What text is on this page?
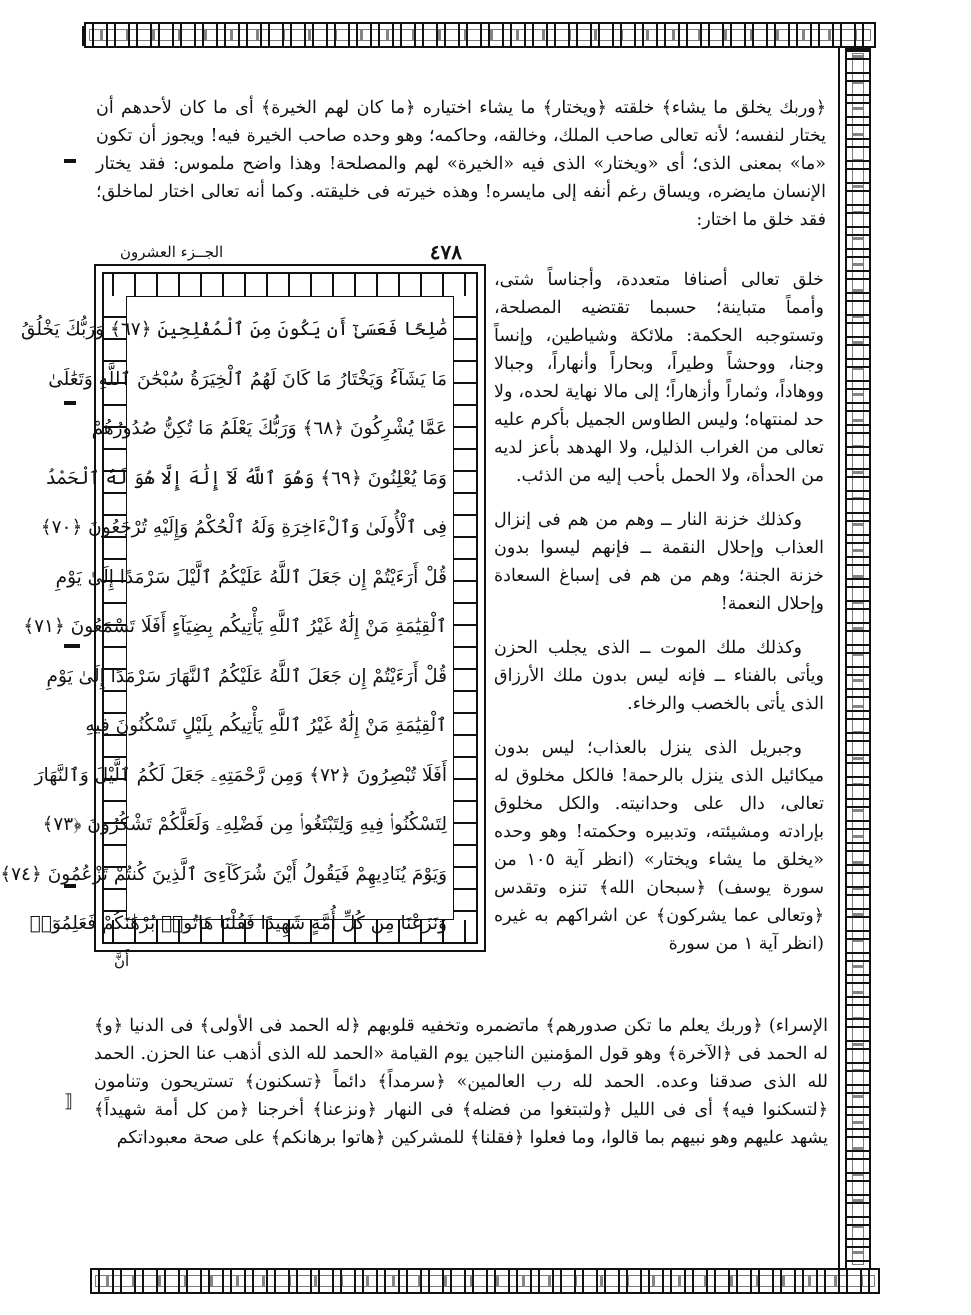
⟦
﴿وربك يخلق ما يشاء﴾ خلقته ﴿ويختار﴾ ما يشاء اختياره ﴿ما كان لهم الخيرة﴾ أى ما كان لأحدهم أن يختار لنفسه؛ لأنه تعالى صاحب الملك، وخالقه، وحاكمه؛ وهو وحده صاحب الخيرة فيه! ويجوز أن تكون «ما» بمعنى الذى؛ أى «ويختار» الذى فيه «الخيرة» لهم والمصلحة! وهذا واضح ملموس: فقد يختار الإنسان مايضره، ويساق رغم أنفه إلى مايسره! وهذه خيرته فى خليقته. وكما أنه تعالى اختار لماخلق؛ فقد خلق ما اختار:
٤٧٨
الجــزء العشرون
صَٰلِحًا فَعَسَىٰٓ أَن يَكُونَ مِنَ ٱلْمُفْلِحِينَ ﴿٦٧﴾ وَرَبُّكَ يَخْلُقُ
مَا يَشَآءُ وَيَخْتَارُ مَا كَانَ لَهُمُ ٱلْخِيَرَةُ سُبْحَٰنَ ٱللَّهِ وَتَعَٰلَىٰ
عَمَّا يُشْرِكُونَ ﴿٦٨﴾ وَرَبُّكَ يَعْلَمُ مَا تُكِنُّ صُدُورُهُمْ
وَمَا يُعْلِنُونَ ﴿٦٩﴾ وَهُوَ ٱللَّهُ لَآ إِلَٰهَ إِلَّا هُوَ لَهُ ٱلْحَمْدُ
فِى ٱلْأُولَىٰ وَٱلْءَاخِرَةِ وَلَهُ ٱلْحُكْمُ وَإِلَيْهِ تُرْجَعُونَ ﴿٧٠﴾
قُلْ أَرَءَيْتُمْ إِن جَعَلَ ٱللَّهُ عَلَيْكُمُ ٱلَّيْلَ سَرْمَدًا إِلَىٰ يَوْمِ
ٱلْقِيَٰمَةِ مَنْ إِلَٰهٌ غَيْرُ ٱللَّهِ يَأْتِيكُم بِضِيَآءٍ أَفَلَا تَسْمَعُونَ ﴿٧١﴾
قُلْ أَرَءَيْتُمْ إِن جَعَلَ ٱللَّهُ عَلَيْكُمُ ٱلنَّهَارَ سَرْمَدًا إِلَىٰ يَوْمِ
ٱلْقِيَٰمَةِ مَنْ إِلَٰهٌ غَيْرُ ٱللَّهِ يَأْتِيكُم بِلَيْلٍ تَسْكُنُونَ فِيهِ
أَفَلَا تُبْصِرُونَ ﴿٧٢﴾ وَمِن رَّحْمَتِهِۦ جَعَلَ لَكُمُ ٱلَّيْلَ وَٱلنَّهَارَ
لِتَسْكُنُوا۟ فِيهِ وَلِتَبْتَغُوا۟ مِن فَضْلِهِۦ وَلَعَلَّكُمْ تَشْكُرُونَ ﴿٧٣﴾
وَيَوْمَ يُنَادِيهِمْ فَيَقُولُ أَيْنَ شُرَكَآءِىَ ٱلَّذِينَ كُنتُمْ تَزْعُمُونَ ﴿٧٤﴾
وَنَزَعْنَا مِن كُلِّ أُمَّةٍ شَهِيدًا فَقُلْنَا هَاتُوا۟ بُرْهَٰنَكُمْ فَعَلِمُوٓا۟
أَنَّ

خلق تعالى أصنافا متعددة، وأجناساً شتى، وأمماً متباينة؛ حسبما تقتضيه المصلحة، وتستوجبه الحكمة: ملائكة وشياطين، وإنساً وجنا، ووحشاً وطيراً، وبحاراً وأنهاراً، وجبالا ووهاداً، وثماراً وأزهاراً؛ إلى مالا نهاية لحده، ولا حد لمنتهاه؛ وليس الطاوس الجميل بأكرم عليه تعالى من الغراب الذليل، ولا الهدهد بأعز لديه من الحدأة، ولا الحمل بأحب إليه من الذئب.

وكذلك خزنة النار ــ وهم من هم فى إنزال العذاب وإحلال النقمة ــ فإنهم ليسوا بدون خزنة الجنة؛ وهم من هم فى إسباغ السعادة وإحلال النعمة!

وكذلك ملك الموت ــ الذى يجلب الحزن ويأتى بالفناء ــ فإنه ليس بدون ملك الأرزاق الذى يأتى بالخصب والرخاء.

وجبريل الذى ينزل بالعذاب؛ ليس بدون ميكائيل الذى ينزل بالرحمة! فالكل مخلوق له تعالى، دال على وحدانيته. والكل مخلوق بإرادته ومشيئته، وتدبيره وحكمته! وهو وحده «يخلق ما يشاء ويختار» (انظر آية ١٠٥ من سورة يوسف) ﴿سبحان الله﴾ تنزه وتقدس ﴿وتعالى عما يشركون﴾ عن اشراكهم به غيره (انظر آية ١ من سورة

الإسراء) ﴿وربك يعلم ما تكن صدورهم﴾ ماتضمره وتخفيه قلوبهم ﴿له الحمد فى الأولى﴾ فى الدنيا ﴿و﴾ له الحمد فى ﴿الآخرة﴾ وهو قول المؤمنين الناجين يوم القيامة «الحمد لله الذى أذهب عنا الحزن. الحمد لله الذى صدقنا وعده. الحمد لله رب العالمين» ﴿سرمداً﴾ دائماً ﴿تسكنون﴾ تستريحون وتنامون ﴿لتسكنوا فيه﴾ أى فى الليل ﴿ولتبتغوا من فضله﴾ فى النهار ﴿ونزعنا﴾ أخرجنا ﴿من كل أمة شهيداً﴾ يشهد عليهم وهو نبيهم بما قالوا، وما فعلوا ﴿فقلنا﴾ للمشركين ﴿هاتوا برهانكم﴾ على صحة معبوداتكم
